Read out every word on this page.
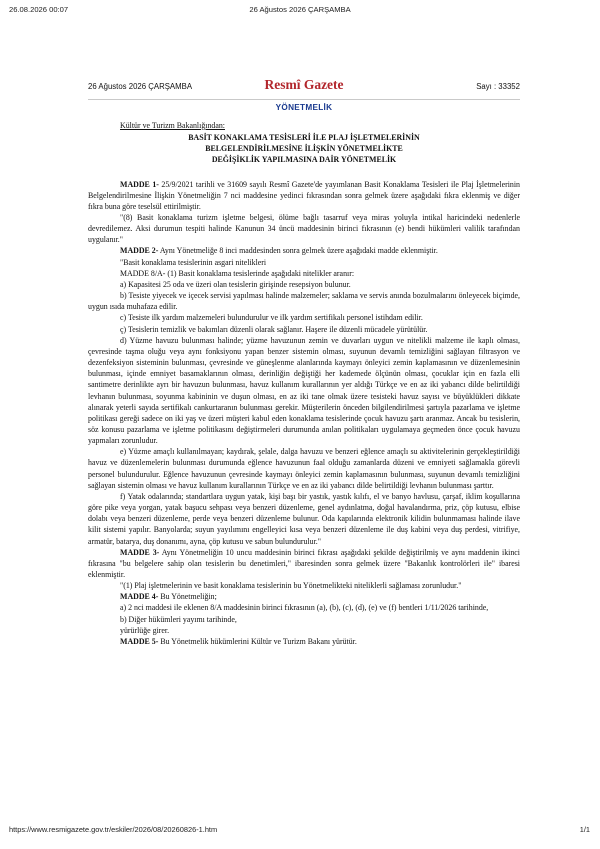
26.08.2026 00:07	26 Ağustos 2026 ÇARŞAMBA
26 Ağustos 2026 ÇARŞAMBA	Resmî Gazete	Sayı : 33352
YÖNETMELİK

Kültür ve Turizm Bakanlığından:

BASİT KONAKLAMA TESİSLERİ İLE PLAJ İŞLETMELERİNİN
BELGELENDİRİLMESİNE İLİŞKİN YÖNETMELİKTE
DEĞİŞİKLİK YAPILMASINA DAİR YÖNETMELİK

MADDE 1- 25/9/2021 tarihli ve 31609 sayılı Resmî Gazete'de yayımlanan Basit Konaklama Tesisleri ile Plaj İşletmelerinin Belgelendirilmesine İlişkin Yönetmeliğin 7 nci maddesine yedinci fıkrasından sonra gelmek üzere aşağıdaki fıkra eklenmiş ve diğer fıkra buna göre teselsül ettirilmiştir.

"(8) Basit konaklama turizm işletme belgesi, ölüme bağlı tasarruf veya miras yoluyla intikal haricindeki nedenlerle devredilemez. Aksi durumun tespiti halinde Kanunun 34 üncü maddesinin birinci fıkrasının (e) bendi hükümleri valilik tarafından uygulanır."

MADDE 2- Aynı Yönetmeliğe 8 inci maddesinden sonra gelmek üzere aşağıdaki madde eklenmiştir.

"Basit konaklama tesislerinin asgari nitelikleri

MADDE 8/A- (1) Basit konaklama tesislerinde aşağıdaki nitelikler aranır:

a) Kapasitesi 25 oda ve üzeri olan tesislerin girişinde resepsiyon bulunur.

b) Tesiste yiyecek ve içecek servisi yapılması halinde malzemeler; saklama ve servis anında bozulmalarını önleyecek biçimde, uygun ısıda muhafaza edilir.

c) Tesiste ilk yardım malzemeleri bulundurulur ve ilk yardım sertifikalı personel istihdam edilir.

ç) Tesislerin temizlik ve bakımları düzenli olarak sağlanır. Haşere ile düzenli mücadele yürütülür.

d) Yüzme havuzu bulunması halinde; yüzme havuzunun zemin ve duvarları uygun ve nitelikli malzeme ile kaplı olması, çevresinde taşma oluğu veya aynı fonksiyonu yapan benzer sistemin olması, suyunun devamlı temizliğini sağlayan filtrasyon ve dezenfeksiyon sisteminin bulunması, çevresinde ve güneşlenme alanlarında kaymayı önleyici zemin kaplamasının ve düzenlemesinin bulunması, içinde emniyet basamaklarının olması, derinliğin değiştiği her kademede ölçünün olması, çocuklar için en fazla elli santimetre derinlikte ayrı bir havuzun bulunması, havuz kullanım kurallarının yer aldığı Türkçe ve en az iki yabancı dilde belirtildiği levhanın bulunması, soyunma kabininin ve duşun olması, en az iki tane olmak üzere tesisteki havuz sayısı ve büyüklükleri dikkate alınarak yeterli sayıda sertifikalı cankurtaranın bulunması gerekir. Müşterilerin önceden bilgilendirilmesi şartıyla pazarlama ve işletme politikası gereği sadece on iki yaş ve üzeri müşteri kabul eden konaklama tesislerinde çocuk havuzu şartı aranmaz. Ancak bu tesislerin, söz konusu pazarlama ve işletme politikasını değiştirmeleri durumunda anılan politikaları uygulamaya geçmeden önce çocuk havuzu yapmaları zorunludur.

e) Yüzme amaçlı kullanılmayan; kaydırak, şelale, dalga havuzu ve benzeri eğlence amaçlı su aktivitelerinin gerçekleştirildiği havuz ve düzenlemelerin bulunması durumunda eğlence havuzunun faal olduğu zamanlarda düzeni ve emniyeti sağlamakla görevli personel bulundurulur. Eğlence havuzunun çevresinde kaymayı önleyici zemin kaplamasının bulunması, suyunun devamlı temizliğini sağlayan sistemin olması ve havuz kullanım kurallarının Türkçe ve en az iki yabancı dilde belirtildiği levhanın bulunması şarttır.

f) Yatak odalarında; standartlara uygun yatak, kişi başı bir yastık, yastık kılıfı, el ve banyo havlusu, çarşaf, iklim koşullarına göre pike veya yorgan, yatak başucu sehpası veya benzeri düzenleme, genel aydınlatma, doğal havalandırma, priz, çöp kutusu, elbise dolabı veya benzeri düzenleme, perde veya benzeri düzenleme bulunur. Oda kapılarında elektronik kilidin bulunmaması halinde ilave kilit sistemi yapılır. Banyolarda; suyun yayılımını engelleyici kısa veya benzeri düzenleme ile duş kabini veya duş perdesi, vitrifiye, armatür, batarya, duş donanımı, ayna, çöp kutusu ve sabun bulundurulur."

MADDE 3- Aynı Yönetmeliğin 10 uncu maddesinin birinci fıkrası aşağıdaki şekilde değiştirilmiş ve aynı maddenin ikinci fıkrasına "bu belgelere sahip olan tesislerin bu denetimleri," ibaresinden sonra gelmek üzere "Bakanlık kontrolörleri ile" ibaresi eklenmiştir.

"(1) Plaj işletmelerinin ve basit konaklama tesislerinin bu Yönetmelikteki niteliklerli sağlaması zorunludur."

MADDE 4- Bu Yönetmeliğin;

a) 2 nci maddesi ile eklenen 8/A maddesinin birinci fıkrasının (a), (b), (c), (d), (e) ve (f) bentleri 1/11/2026 tarihinde,

b) Diğer hükümleri yayımı tarihinde,

yürürlüğe girer.

MADDE 5- Bu Yönetmelik hükümlerini Kültür ve Turizm Bakanı yürütür.

https://www.resmigazete.gov.tr/eskiler/2026/08/20260826-1.htm	1/1
